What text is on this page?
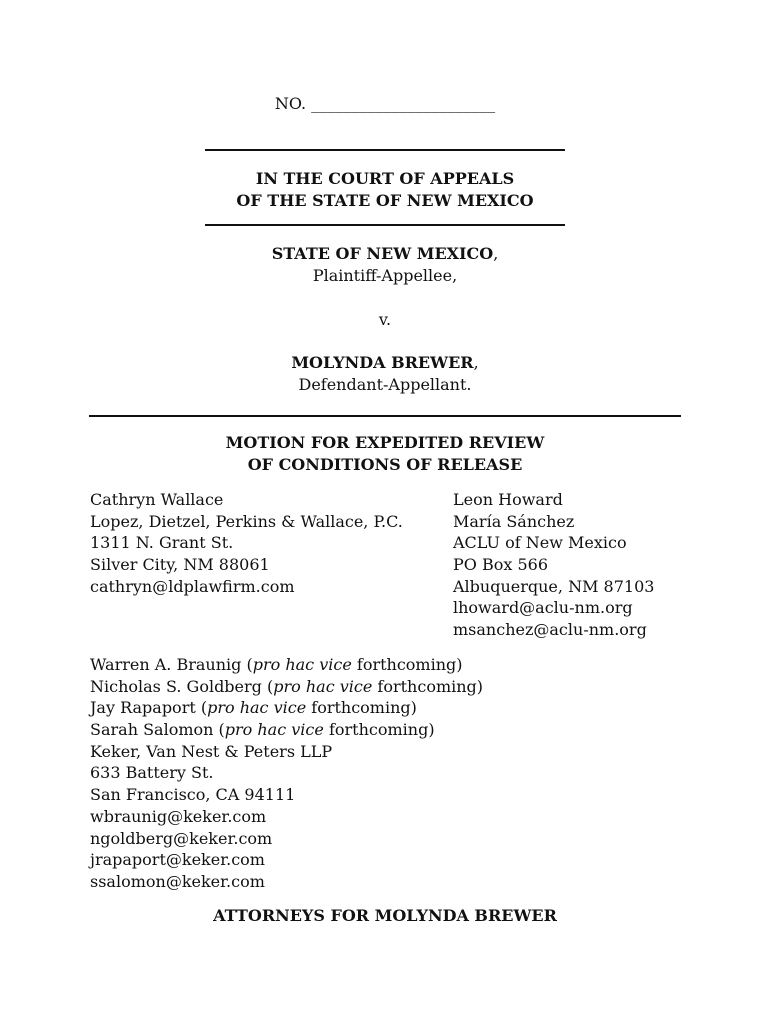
NO. _______________________
IN THE COURT OF APPEALS
OF THE STATE OF NEW MEXICO
STATE OF NEW MEXICO,
Plaintiff-Appellee,
v.
MOLYNDA BREWER,
Defendant-Appellant.
MOTION FOR EXPEDITED REVIEW
OF CONDITIONS OF RELEASE
Cathryn Wallace
Lopez, Dietzel, Perkins & Wallace, P.C.
1311 N. Grant St.
Silver City, NM 88061
cathryn@ldplawfirm.com
Leon Howard
María Sánchez
ACLU of New Mexico
PO Box 566
Albuquerque, NM 87103
lhoward@aclu-nm.org
msanchez@aclu-nm.org
Warren A. Braunig (pro hac vice forthcoming)
Nicholas S. Goldberg (pro hac vice forthcoming)
Jay Rapaport (pro hac vice forthcoming)
Sarah Salomon (pro hac vice forthcoming)
Keker, Van Nest & Peters LLP
633 Battery St.
San Francisco, CA 94111
wbraunig@keker.com
ngoldberg@keker.com
jrapaport@keker.com
ssalomon@keker.com
ATTORNEYS FOR MOLYNDA BREWER
